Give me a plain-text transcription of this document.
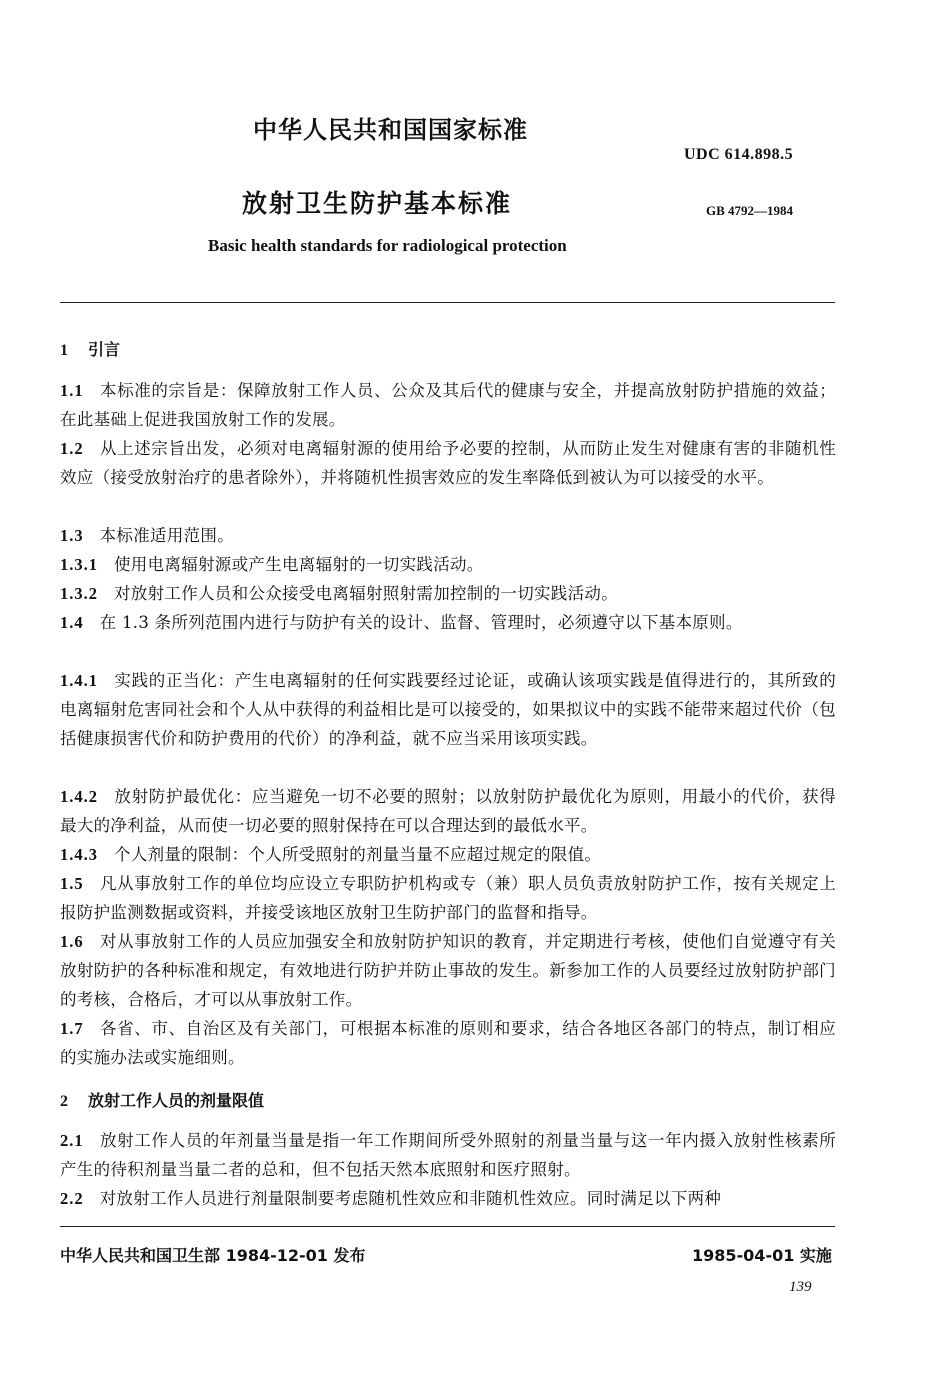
中华人民共和国国家标准
UDC 614.898.5
放射卫生防护基本标准	GB 4792—1984
Basic health standards for radiological protection
1 引言
1.1 本标准的宗旨是：保障放射工作人员、公众及其后代的健康与安全，并提高放射防护措施的效益；在此基础上促进我国放射工作的发展。
1.2 从上述宗旨出发，必须对电离辐射源的使用给予必要的控制，从而防止发生对健康有害的非随机性效应（接受放射治疗的患者除外），并将随机性损害效应的发生率降低到被认为可以接受的水平。
1.3 本标准适用范围。
1.3.1 使用电离辐射源或产生电离辐射的一切实践活动。
1.3.2 对放射工作人员和公众接受电离辐射照射需加控制的一切实践活动。
1.4 在 1.3 条所列范围内进行与防护有关的设计、监督、管理时，必须遵守以下基本原则。
1.4.1 实践的正当化：产生电离辐射的任何实践要经过论证，或确认该项实践是值得进行的，其所致的电离辐射危害同社会和个人从中获得的利益相比是可以接受的，如果拟议中的实践不能带来超过代价（包括健康损害代价和防护费用的代价）的净利益，就不应当采用该项实践。
1.4.2 放射防护最优化：应当避免一切不必要的照射；以放射防护最优化为原则，用最小的代价，获得最大的净利益，从而使一切必要的照射保持在可以合理达到的最低水平。
1.4.3 个人剂量的限制：个人所受照射的剂量当量不应超过规定的限值。
1.5 凡从事放射工作的单位均应设立专职防护机构或专（兼）职人员负责放射防护工作，按有关规定上报防护监测数据或资料，并接受该地区放射卫生防护部门的监督和指导。
1.6 对从事放射工作的人员应加强安全和放射防护知识的教育，并定期进行考核，使他们自觉遵守有关放射防护的各种标准和规定，有效地进行防护并防止事故的发生。新参加工作的人员要经过放射防护部门的考核，合格后，才可以从事放射工作。
1.7 各省、市、自治区及有关部门，可根据本标准的原则和要求，结合各地区各部门的特点，制订相应的实施办法或实施细则。
2 放射工作人员的剂量限值
2.1 放射工作人员的年剂量当量是指一年工作期间所受外照射的剂量当量与这一年内摄入放射性核素所产生的待积剂量当量二者的总和，但不包括天然本底照射和医疗照射。
2.2 对放射工作人员进行剂量限制要考虑随机性效应和非随机性效应。同时满足以下两种
中华人民共和国卫生部 1984-12-01 发布	1985-04-01 实施
139
